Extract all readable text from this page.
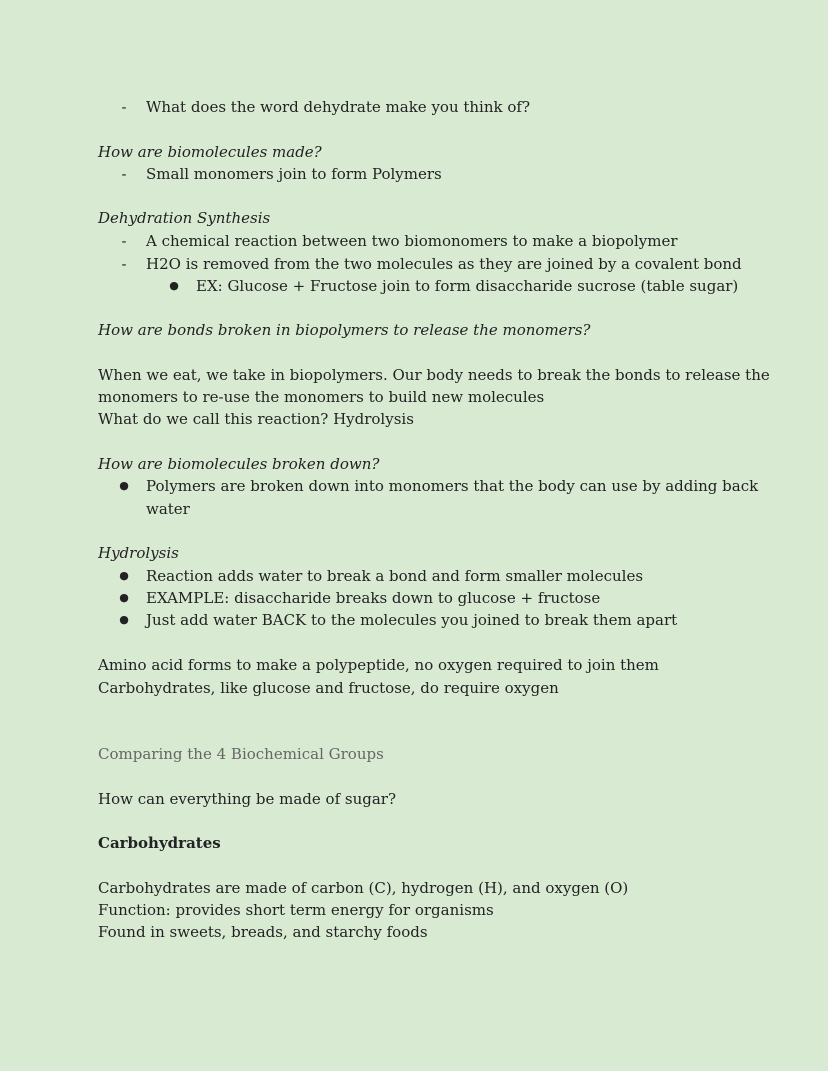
-	What does the word dehydrate make you think of?
How are biomolecules made?
-	Small monomers join to form Polymers
Dehydration Synthesis
-	A chemical reaction between two biomonomers to make a biopolymer
-	H2O is removed from the two molecules as they are joined by a covalent bond
●	EX: Glucose + Fructose join to form disaccharide sucrose (table sugar)
How are bonds broken in biopolymers to release the monomers?
When we eat, we take in biopolymers. Our body needs to break the bonds to release the
monomers to re-use the monomers to build new molecules
What do we call this reaction? Hydrolysis
How are biomolecules broken down?
●	Polymers are broken down into monomers that the body can use by adding back
water
Hydrolysis
●	Reaction adds water to break a bond and form smaller molecules
●	EXAMPLE: disaccharide breaks down to glucose + fructose
●	Just add water BACK to the molecules you joined to break them apart
Amino acid forms to make a polypeptide, no oxygen required to join them
Carbohydrates, like glucose and fructose, do require oxygen
Comparing the 4 Biochemical Groups
How can everything be made of sugar?
Carbohydrates
Carbohydrates are made of carbon (C), hydrogen (H), and oxygen (O)
Function: provides short term energy for organisms
Found in sweets, breads, and starchy foods
